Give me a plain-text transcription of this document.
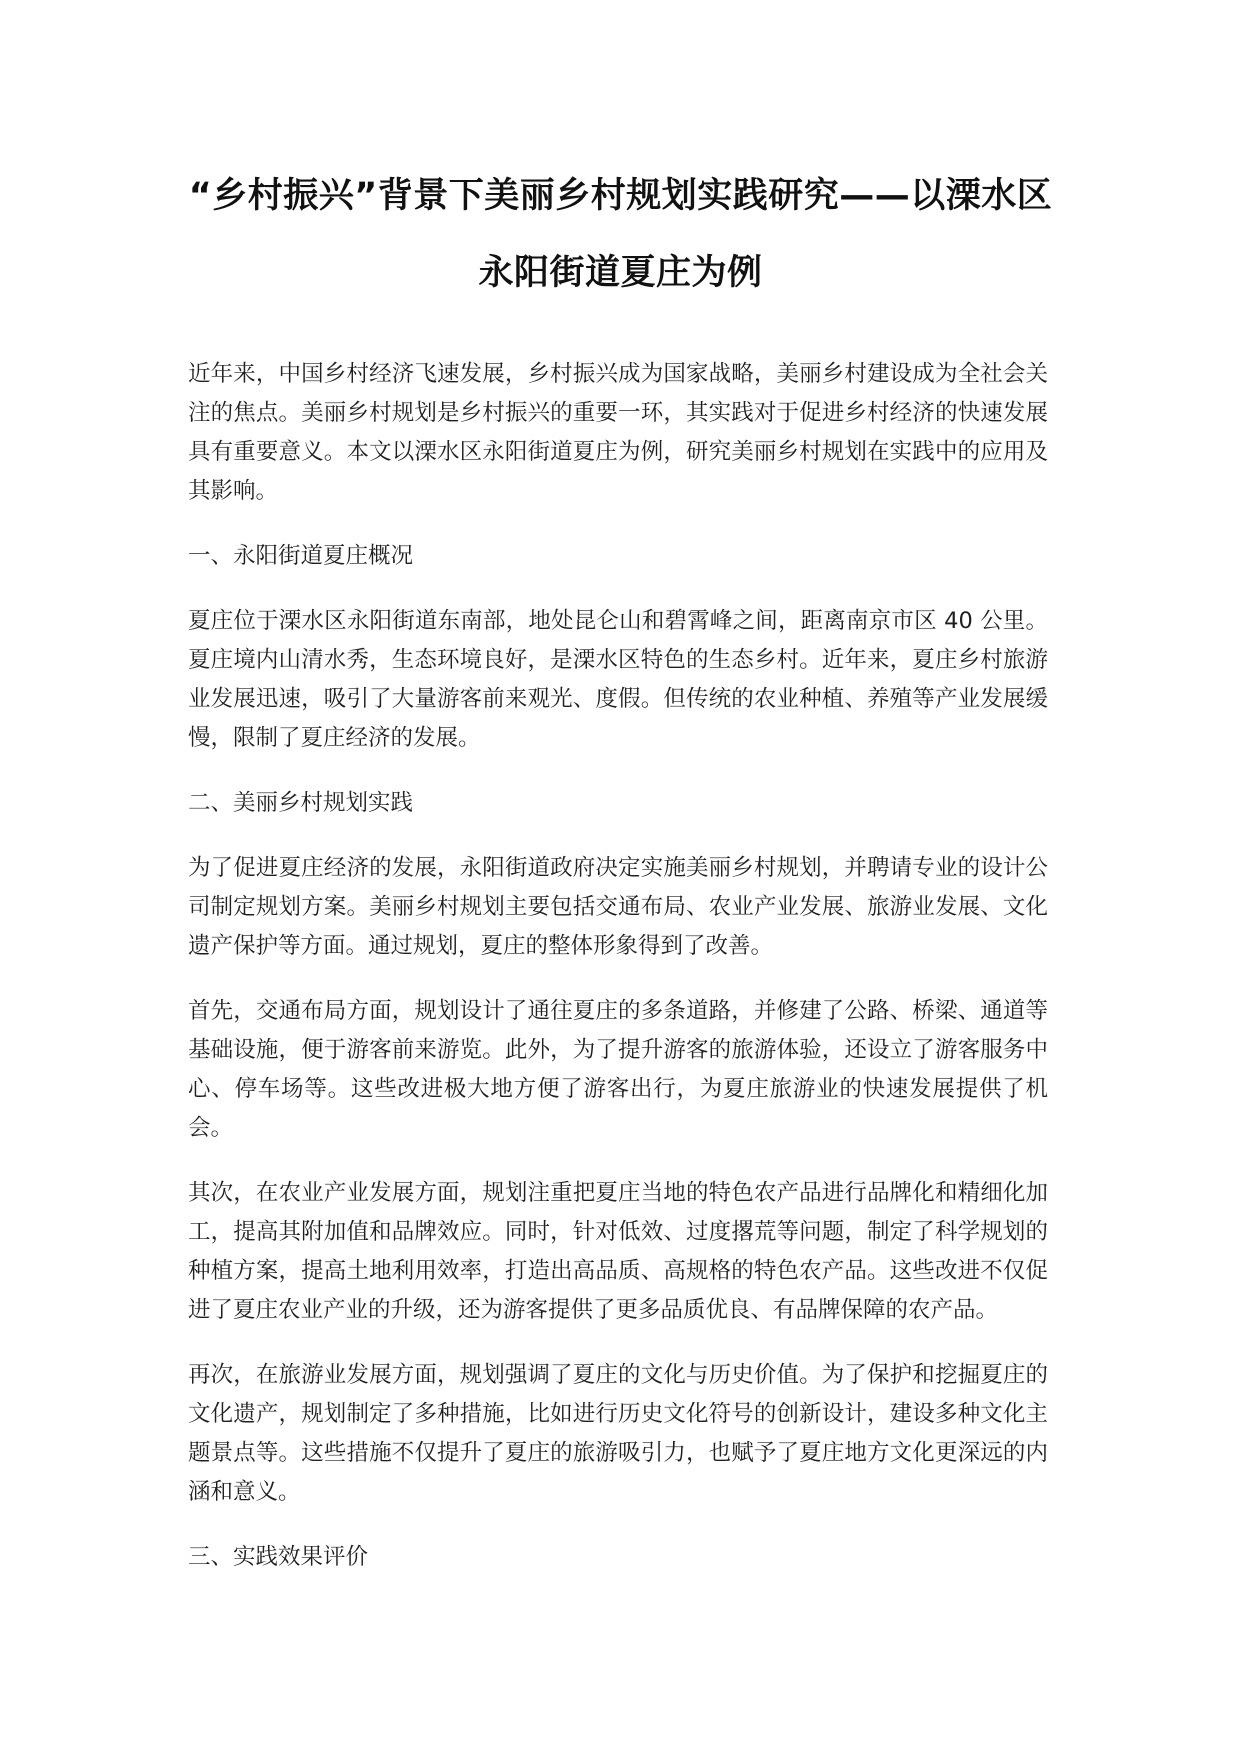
“乡村振兴”背景下美丽乡村规划实践研究——以溧水区
永阳街道夏庄为例

近年来，中国乡村经济飞速发展，乡村振兴成为国家战略，美丽乡村建设成为全社会关注的焦点。美丽乡村规划是乡村振兴的重要一环，其实践对于促进乡村经济的快速发展具有重要意义。本文以溧水区永阳街道夏庄为例，研究美丽乡村规划在实践中的应用及其影响。

一、永阳街道夏庄概况

夏庄位于溧水区永阳街道东南部，地处昆仑山和碧霄峰之间，距离南京市区 40 公里。夏庄境内山清水秀，生态环境良好，是溧水区特色的生态乡村。近年来，夏庄乡村旅游业发展迅速，吸引了大量游客前来观光、度假。但传统的农业种植、养殖等产业发展缓慢，限制了夏庄经济的发展。

二、美丽乡村规划实践

为了促进夏庄经济的发展，永阳街道政府决定实施美丽乡村规划，并聘请专业的设计公司制定规划方案。美丽乡村规划主要包括交通布局、农业产业发展、旅游业发展、文化遗产保护等方面。通过规划，夏庄的整体形象得到了改善。

首先，交通布局方面，规划设计了通往夏庄的多条道路，并修建了公路、桥梁、通道等基础设施，便于游客前来游览。此外，为了提升游客的旅游体验，还设立了游客服务中心、停车场等。这些改进极大地方便了游客出行，为夏庄旅游业的快速发展提供了机会。

其次，在农业产业发展方面，规划注重把夏庄当地的特色农产品进行品牌化和精细化加工，提高其附加值和品牌效应。同时，针对低效、过度撂荒等问题，制定了科学规划的种植方案，提高土地利用效率，打造出高品质、高规格的特色农产品。这些改进不仅促进了夏庄农业产业的升级，还为游客提供了更多品质优良、有品牌保障的农产品。

再次，在旅游业发展方面，规划强调了夏庄的文化与历史价值。为了保护和挖掘夏庄的文化遗产，规划制定了多种措施，比如进行历史文化符号的创新设计，建设多种文化主题景点等。这些措施不仅提升了夏庄的旅游吸引力，也赋予了夏庄地方文化更深远的内涵和意义。

三、实践效果评价
